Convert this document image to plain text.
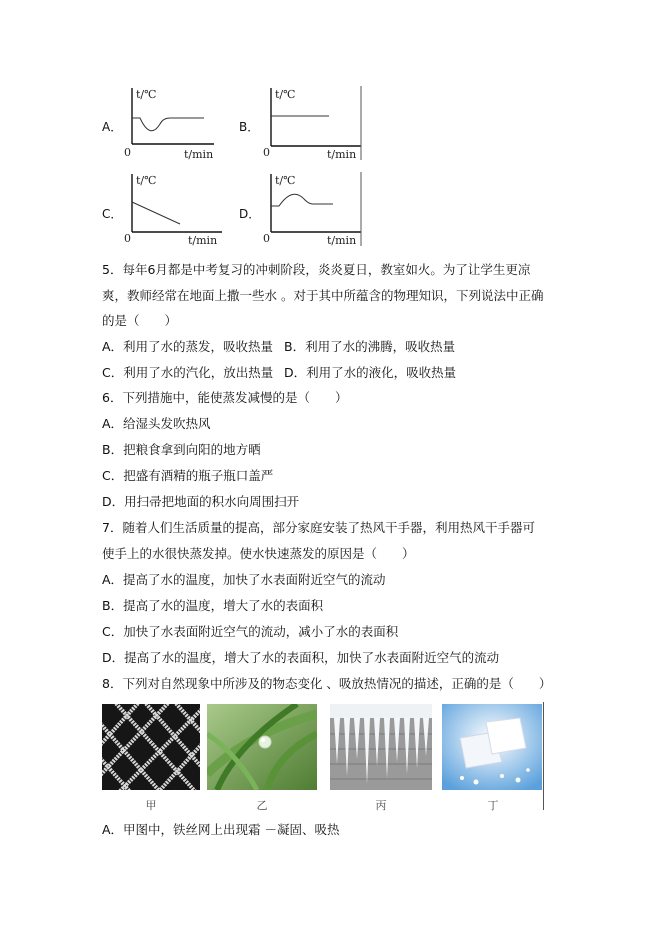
A．
t/℃
t/min
0
B．
t/℃
t/min
0
C．
t/℃
t/min
0
D．
t/℃
t/min
0
5．每年6月都是中考复习的冲刺阶段，炎炎夏日，教室如火。为了让学生更凉
爽，教师经常在地面上撒一些水 。对于其中所蕴含的物理知识，下列说法中正确
的是（　　）
A．利用了水的蒸发，吸收热量 B．利用了水的沸腾，吸收热量
C．利用了水的汽化，放出热量 D．利用了水的液化，吸收热量
6．下列措施中，能使蒸发减慢的是（　　）
A．给湿头发吹热风
B．把粮食拿到向阳的地方晒
C．把盛有酒精的瓶子瓶口盖严
D．用扫帚把地面的积水向周围扫开
7．随着人们生活质量的提高，部分家庭安装了热风干手器，利用热风干手器可
使手上的水很快蒸发掉。使水快速蒸发的原因是（　　）
A．提高了水的温度，加快了水表面附近空气的流动
B．提高了水的温度，增大了水的表面积
C．加快了水表面附近空气的流动，减小了水的表面积
D．提高了水的温度，增大了水的表面积，加快了水表面附近空气的流动
8．下列对自然现象中所涉及的物态变化 、吸放热情况的描述，正确的是（　　）
甲	乙	丙	丁
A．甲图中，铁丝网上出现霜 －凝固、吸热
